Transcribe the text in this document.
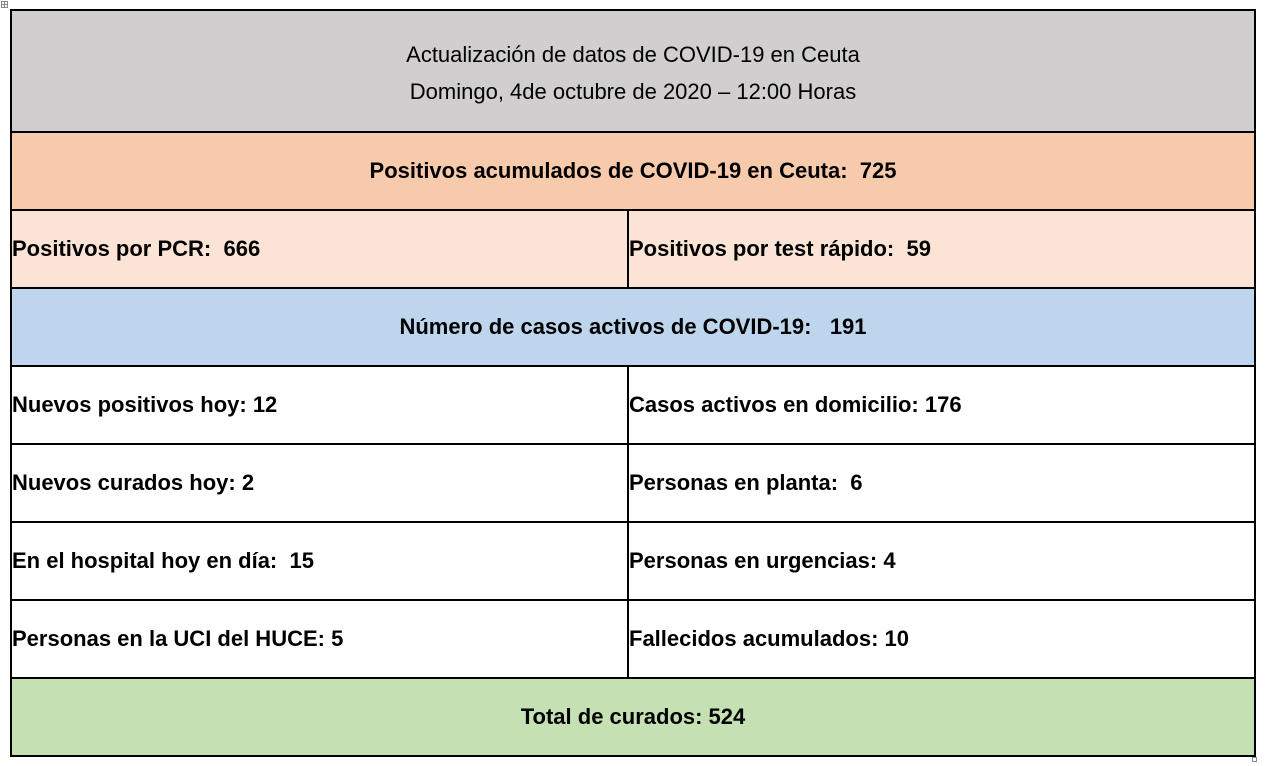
Actualización de datos de COVID-19 en Ceuta
Domingo, 4de octubre de 2020 – 12:00 Horas	

Positivos acumulados de COVID-19 en Ceuta:  725	
Positivos por PCR:  666	Positivos por test rápido:  59
Número de casos activos de COVID-19:   191	
Nuevos positivos hoy: 12	Casos activos en domicilio: 176
Nuevos curados hoy: 2	Personas en planta:  6
En el hospital hoy en día:  15	Personas en urgencias: 4
Personas en la UCI del HUCE: 5	Fallecidos acumulados: 10
Total de curados: 524	
